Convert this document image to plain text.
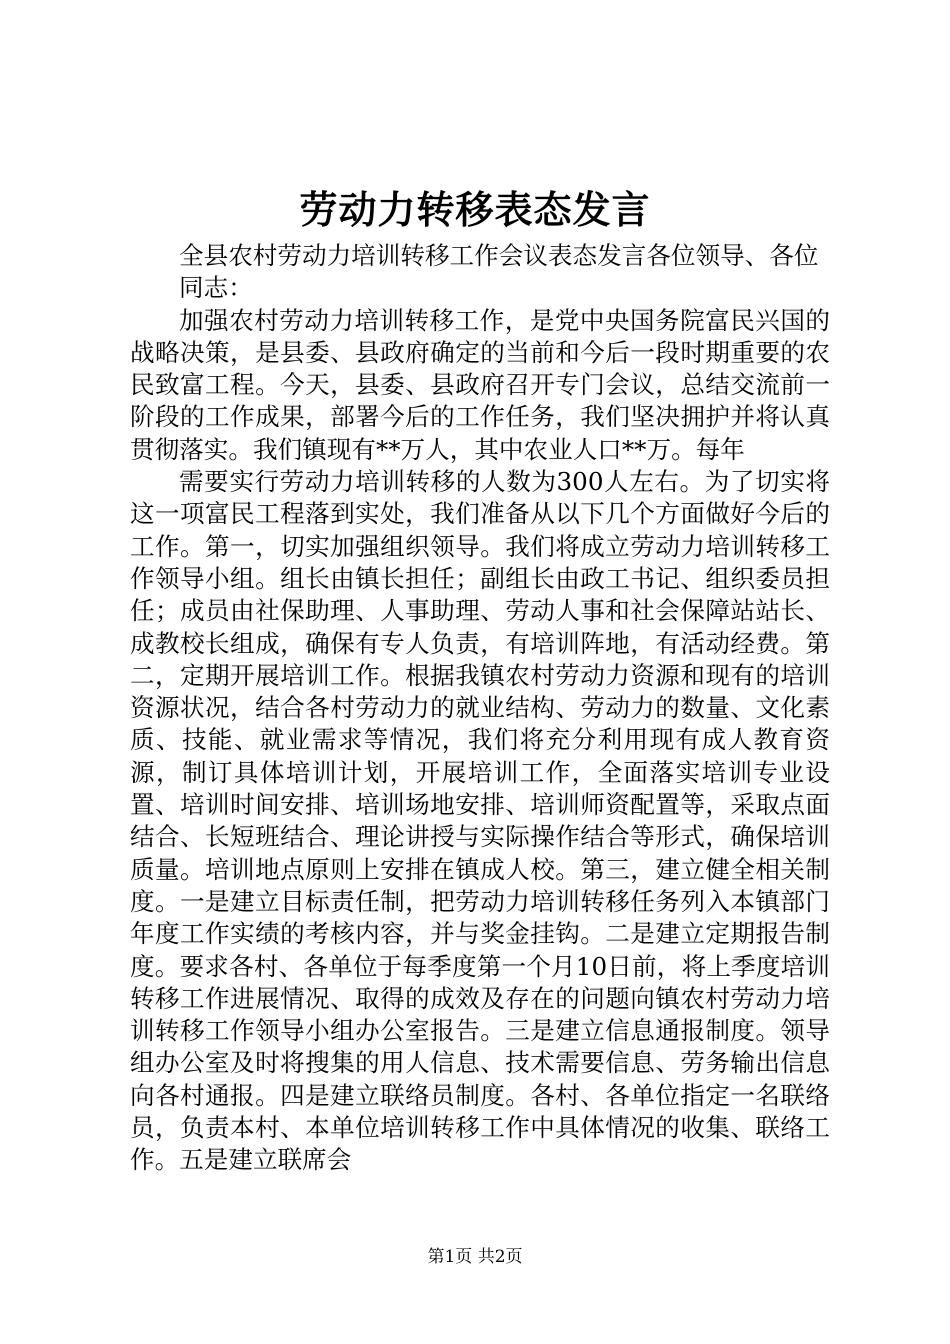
劳动力转移表态发言

全县农村劳动力培训转移工作会议表态发言各位领导、各位

同志：

加强农村劳动力培训转移工作，是党中央国务院富民兴国的战略决策，是县委、县政府确定的当前和今后一段时期重要的农民致富工程。今天，县委、县政府召开专门会议，总结交流前一阶段的工作成果，部署今后的工作任务，我们坚决拥护并将认真贯彻落实。我们镇现有**万人，其中农业人口**万。每年

需要实行劳动力培训转移的人数为300人左右。为了切实将这一项富民工程落到实处，我们准备从以下几个方面做好今后的工作。第一，切实加强组织领导。我们将成立劳动力培训转移工作领导小组。组长由镇长担任；副组长由政工书记、组织委员担任；成员由社保助理、人事助理、劳动人事和社会保障站站长、成教校长组成，确保有专人负责，有培训阵地，有活动经费。第二，定期开展培训工作。根据我镇农村劳动力资源和现有的培训资源状况，结合各村劳动力的就业结构、劳动力的数量、文化素质、技能、就业需求等情况，我们将充分利用现有成人教育资源，制订具体培训计划，开展培训工作，全面落实培训专业设置、培训时间安排、培训场地安排、培训师资配置等，采取点面结合、长短班结合、理论讲授与实际操作结合等形式，确保培训质量。培训地点原则上安排在镇成人校。第三，建立健全相关制度。一是建立目标责任制，把劳动力培训转移任务列入本镇部门年度工作实绩的考核内容，并与奖金挂钩。二是建立定期报告制度。要求各村、各单位于每季度第一个月10日前，将上季度培训转移工作进展情况、取得的成效及存在的问题向镇农村劳动力培训转移工作领导小组办公室报告。三是建立信息通报制度。领导组办公室及时将搜集的用人信息、技术需要信息、劳务输出信息向各村通报。四是建立联络员制度。各村、各单位指定一名联络员，负责本村、本单位培训转移工作中具体情况的收集、联络工作。五是建立联席会

第1页 共2页
